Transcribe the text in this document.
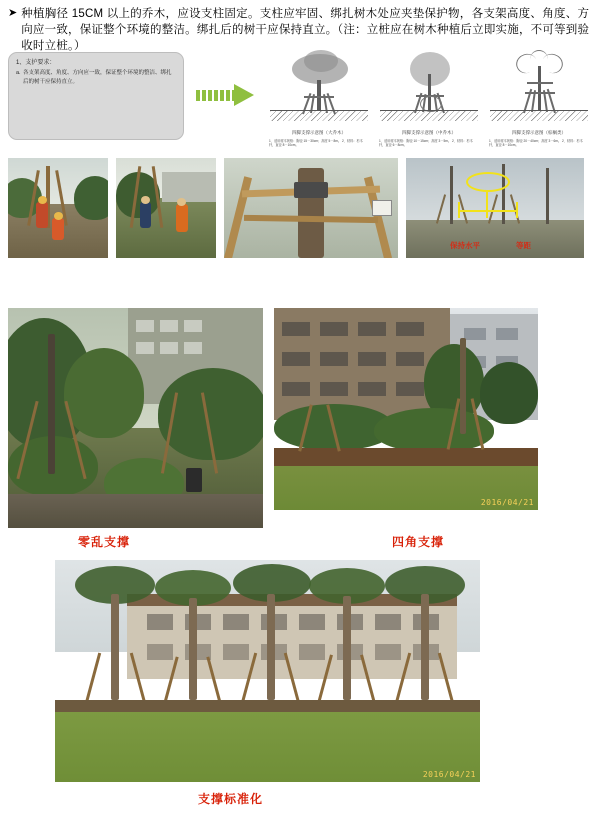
➤ 种植胸径 15CM 以上的乔木，应设支柱固定。支柱应牢固、绑扎树木处应夹垫保护物，各支架高度、角度、方向应一致，保证整个环境的整洁。绑扎后的树干应保持直立。（注：立桩应在树木种植后立即实施，不可等到验收时立桩。）
1、支护要求：
a. 各支架高度、角度、方向应一致，保证整个环境的整洁、绑扎后的树干应保持直立。
四脚支撑示意图（大乔木）
1、适用树木规格：胸径 15－30cm；高度 5－8m。 2、材料：杉木杆，直径 8－10cm。
四脚支撑示意图（中乔木）
1、适用树木规格：胸径 10－15cm；高度 3－5m。 2、材料：杉木杆，直径 6－8cm。
四脚支撑示意图（棕榈类）
1、适用树木规格：胸径 20－40cm；高度 3－6m。 2、材料：杉木杆，直径 8－10cm。
保持水平	等距
2016/04/21
零乱支撑	四角支撑
2016/04/21
支撑标准化
